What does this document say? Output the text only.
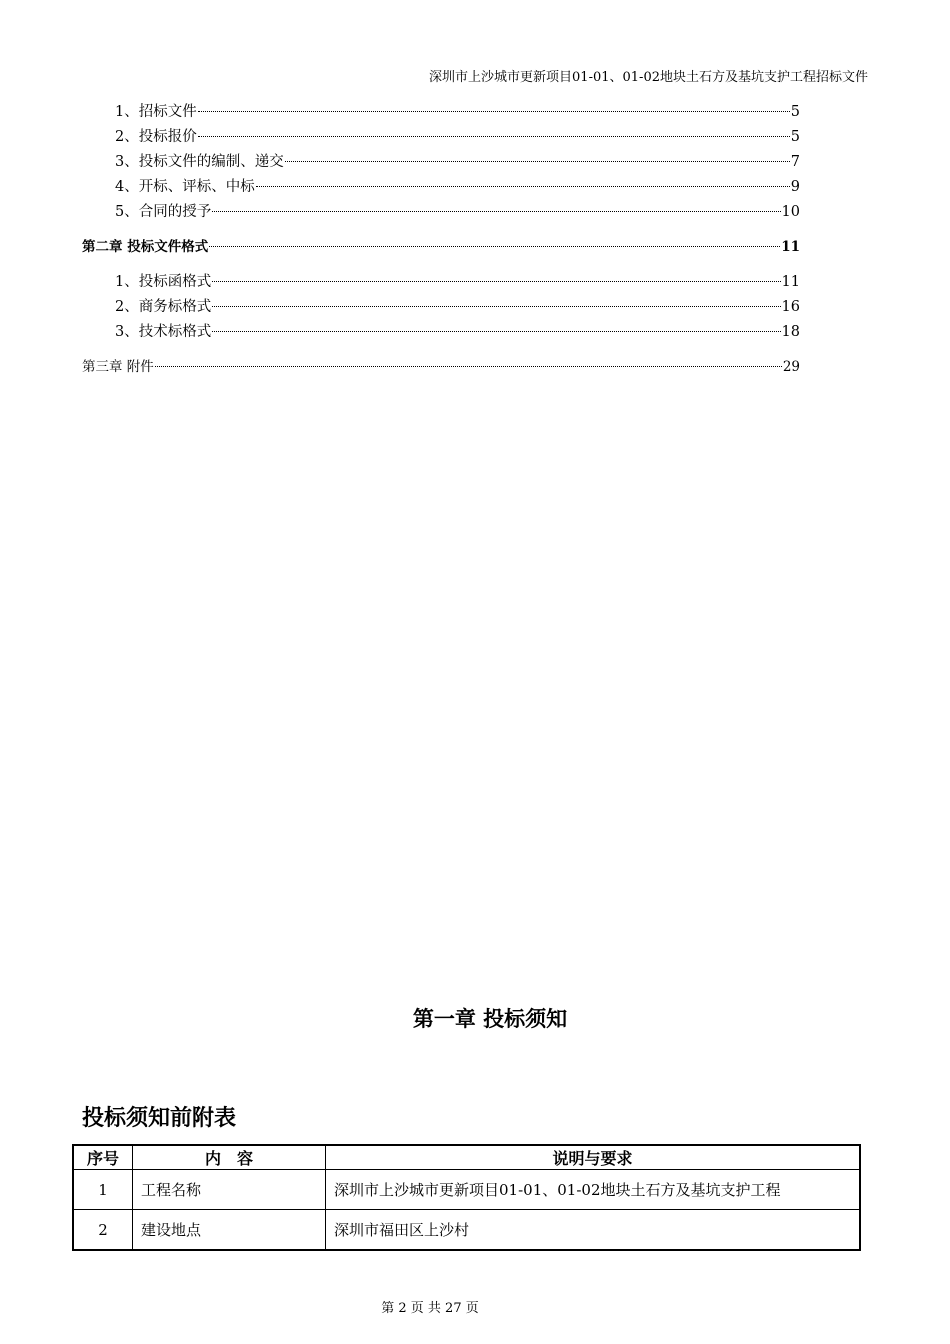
深圳市上沙城市更新项目01-01、01-02地块土石方及基坑支护工程招标文件
1、招标文件	5
2、投标报价	5
3、投标文件的编制、递交	7
4、开标、评标、中标	9
5、合同的授予	10
第二章 投标文件格式	11
1、投标函格式	11
2、商务标格式	16
3、技术标格式	18
第三章 附件	29
第一章 投标须知
投标须知前附表
序号	内　容	说明与要求
1	工程名称	深圳市上沙城市更新项目01-01、01-02地块土石方及基坑支护工程
2	建设地点	深圳市福田区上沙村
第 2 页 共 27 页
